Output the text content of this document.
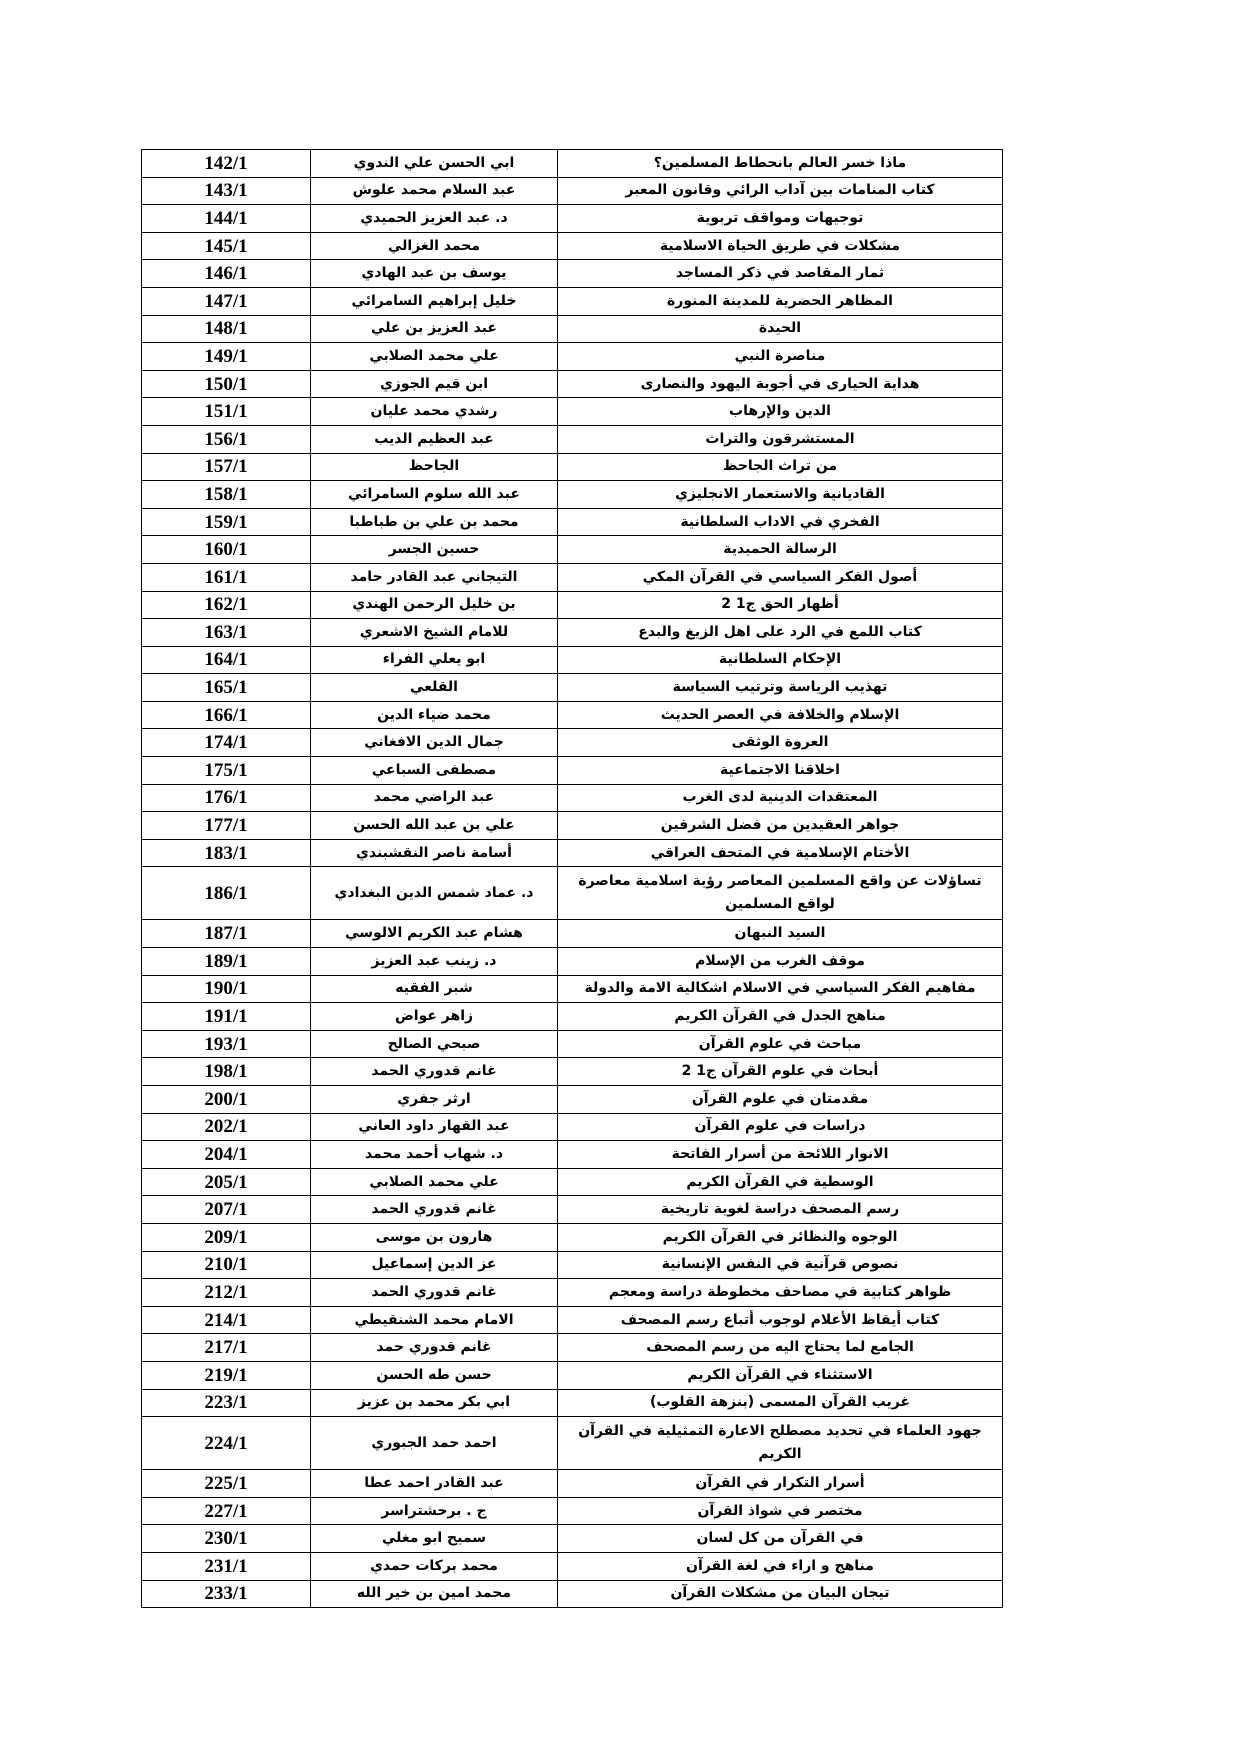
142/1	ابي الحسن علي الندوي	ماذا خسر العالم بانحطاط المسلمين؟
143/1	عبد السلام محمد علوش	كتاب المنامات بين آداب الرائي وقانون المعبر
144/1	د. عبد العزيز الحميدي	توجيهات ومواقف تربوية
145/1	محمد الغزالي	مشكلات في طريق الحياة الاسلامية
146/1	يوسف بن عبد الهادي	ثمار المقاصد في ذكر المساجد
147/1	خليل إبراهيم السامرائي	المظاهر الحضرية للمدينة المنورة
148/1	عبد العزيز بن علي	الحيدة
149/1	علي محمد الصلابي	مناصرة النبي
150/1	ابن قيم الجوزي	هداية الحيارى في أجوبة اليهود والنصارى
151/1	رشدي محمد عليان	الدين والإرهاب
156/1	عبد العظيم الديب	المستشرقون والتراث
157/1	الجاحظ	من تراث الجاحظ
158/1	عبد الله سلوم السامرائي	القاديانية والاستعمار الانجليزي
159/1	محمد بن علي بن طباطبا	الفخري في الاداب السلطانية
160/1	حسين الجسر	الرسالة الحميدية
161/1	التيجاني عبد القادر حامد	أصول الفكر السياسي في القرآن المكي
162/1	بن خليل الرحمن الهندي	أظهار الحق ج1 2
163/1	للامام الشيخ الاشعري	كتاب اللمع في الرد على اهل الزيغ والبدع
164/1	ابو يعلي الفراء	الإحكام السلطانية
165/1	القلعي	تهذيب الرياسة وترتيب السياسة
166/1	محمد ضياء الدين	الإسلام والخلافة في العصر الحديث
174/1	جمال الدين الافغاني	العروة الوثقى
175/1	مصطفى السباعي	اخلاقنا الاجتماعية
176/1	عبد الراضي محمد	المعتقدات الدينية لدى الغرب
177/1	علي بن عبد الله الحسن	جواهر العقيدين من فضل الشرفين
183/1	أسامة ناصر النقشبندي	الأختام الإسلامية في المتحف العراقي
186/1	د. عماد شمس الدين البغدادي	تساؤلات عن واقع المسلمين المعاصر رؤية اسلامية معاصرة لواقع المسلمين
187/1	هشام عبد الكريم الالوسي	السيد النبهان
189/1	د. زينب عبد العزيز	موقف الغرب من الإسلام
190/1	شبر الفقيه	مفاهيم الفكر السياسي في الاسلام اشكالية الامة والدولة
191/1	زاهر عواض	مناهج الجدل في القرآن الكريم
193/1	صبحي الصالح	مباحث في علوم القرآن
198/1	غانم قدوري الحمد	أبحاث في علوم القرآن ج1 2
200/1	ارثر جفري	مقدمتان في علوم القرآن
202/1	عبد القهار داود العاني	دراسات في علوم القرآن
204/1	د. شهاب أحمد محمد	الانوار اللائحة من أسرار الفاتحة
205/1	علي محمد الصلابي	الوسطية في القرآن الكريم
207/1	غانم قدوري الحمد	رسم المصحف دراسة لغوية تاريخية
209/1	هارون بن موسى	الوجوه والنظائر في القرآن الكريم
210/1	عز الدين إسماعيل	نصوص قرآنية في النفس الإنسانية
212/1	غانم قدوري الحمد	ظواهر كتابية في مصاحف مخطوطة دراسة ومعجم
214/1	الامام محمد الشنقيطي	كتاب أيقاظ الأعلام لوجوب أتباع رسم المصحف
217/1	غانم قدوري حمد	الجامع لما يحتاج اليه من رسم المصحف
219/1	حسن طه الحسن	الاستثناء في القرآن الكريم
223/1	ابي بكر محمد بن عزيز	غريب القرآن المسمى (بنزهة القلوب)
224/1	احمد حمد الجبوري	جهود العلماء في تحديد مصطلح الاعارة التمثيلية في القرآن الكريم
225/1	عبد القادر احمد عطا	أسرار التكرار في القرآن
227/1	ج . برحشتراسر	مختصر في شواذ القرآن
230/1	سميح ابو مغلي	في القرآن من كل لسان
231/1	محمد بركات حمدي	مناهج و اراء في لغة القرآن
233/1	محمد امين بن خير الله	تيجان البيان من مشكلات القرآن
